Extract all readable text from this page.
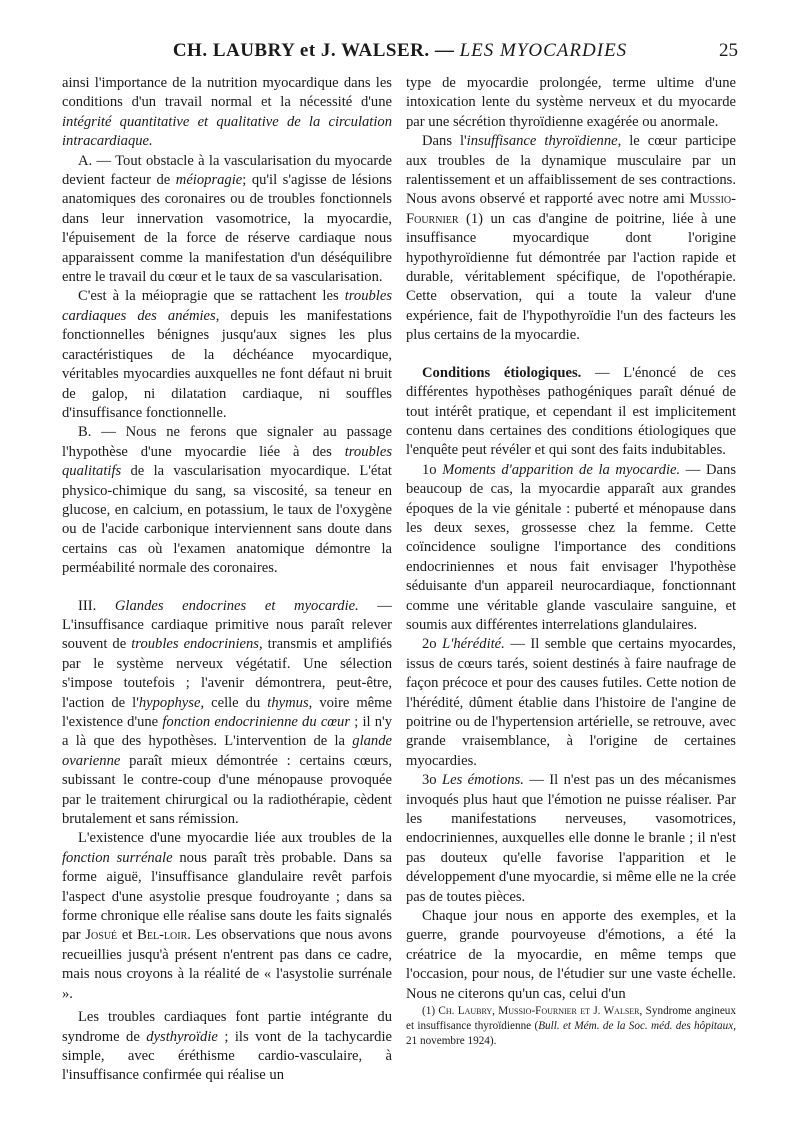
CH. LAUBRY et J. WALSER. — LES MYOCARDIES	25

ainsi l'importance de la nutrition myocardique dans les conditions d'un travail normal et la nécessité d'une intégrité quantitative et qualitative de la circulation intracardiaque.

A. — Tout obstacle à la vascularisation du myocarde devient facteur de méiopragie; qu'il s'agisse de lésions anatomiques des coronaires ou de troubles fonctionnels dans leur innervation vasomotrice, la myocardie, l'épuisement de la force de réserve cardiaque nous apparaissent comme la manifestation d'un déséquilibre entre le travail du cœur et le taux de sa vascularisation.

C'est à la méiopragie que se rattachent les troubles cardiaques des anémies, depuis les manifestations fonctionnelles bénignes jusqu'aux signes les plus caractéristiques de la déchéance myocardique, véritables myocardies auxquelles ne font défaut ni bruit de galop, ni dilatation cardiaque, ni souffles d'insuffisance fonctionnelle.

B. — Nous ne ferons que signaler au passage l'hypothèse d'une myocardie liée à des troubles qualitatifs de la vascularisation myocardique. L'état physico-chimique du sang, sa viscosité, sa teneur en glucose, en calcium, en potassium, le taux de l'oxygène ou de l'acide carbonique interviennent sans doute dans certains cas où l'examen anatomique démontre la perméabilité normale des coronaires.

III. Glandes endocrines et myocardie. — L'insuffisance cardiaque primitive nous paraît relever souvent de troubles endocriniens, transmis et amplifiés par le système nerveux végétatif. Une sélection s'impose toutefois ; l'avenir démontrera, peut-être, l'action de l'hypophyse, celle du thymus, voire même l'existence d'une fonction endocrinienne du cœur ; il n'y a là que des hypothèses. L'intervention de la glande ovarienne paraît mieux démontrée : certains cœurs, subissant le contre-coup d'une ménopause provoquée par le traitement chirurgical ou la radiothérapie, cèdent brutalement et sans rémission.

L'existence d'une myocardie liée aux troubles de la fonction surrénale nous paraît très probable. Dans sa forme aiguë, l'insuffisance glandulaire revêt parfois l'aspect d'une asystolie presque foudroyante ; dans sa forme chronique elle réalise sans doute les faits signalés par Josué et Bel-loir. Les observations que nous avons recueillies jusqu'à présent n'entrent pas dans ce cadre, mais nous croyons à la réalité de « l'asystolie surrénale ».

Les troubles cardiaques font partie intégrante du syndrome de dysthyroïdie ; ils vont de la tachycardie simple, avec éréthisme cardio-vasculaire, à l'insuffisance confirmée qui réalise un

type de myocardie prolongée, terme ultime d'une intoxication lente du système nerveux et du myocarde par une sécrétion thyroïdienne exagérée ou anormale.

Dans l'insuffisance thyroïdienne, le cœur participe aux troubles de la dynamique musculaire par un ralentissement et un affaiblissement de ses contractions. Nous avons observé et rapporté avec notre ami Mussio-Fournier (1) un cas d'angine de poitrine, liée à une insuffisance myocardique dont l'origine hypothyroïdienne fut démontrée par l'action rapide et durable, véritablement spécifique, de l'opothérapie. Cette observation, qui a toute la valeur d'une expérience, fait de l'hypothyroïdie l'un des facteurs les plus certains de la myocardie.

Conditions étiologiques. — L'énoncé de ces différentes hypothèses pathogéniques paraît dénué de tout intérêt pratique, et cependant il est implicitement contenu dans certaines des conditions étiologiques que l'enquête peut révéler et qui sont des faits indubitables.

1o Moments d'apparition de la myocardie. — Dans beaucoup de cas, la myocardie apparaît aux grandes époques de la vie génitale : puberté et ménopause dans les deux sexes, grossesse chez la femme. Cette coïncidence souligne l'importance des conditions endocriniennes et nous fait envisager l'hypothèse séduisante d'un appareil neurocardiaque, fonctionnant comme une véritable glande vasculaire sanguine, et soumis aux différentes interrelations glandulaires.

2o L'hérédité. — Il semble que certains myocardes, issus de cœurs tarés, soient destinés à faire naufrage de façon précoce et pour des causes futiles. Cette notion de l'hérédité, dûment établie dans l'histoire de l'angine de poitrine ou de l'hypertension artérielle, se retrouve, avec grande vraisemblance, à l'origine de certaines myocardies.

3o Les émotions. — Il n'est pas un des mécanismes invoqués plus haut que l'émotion ne puisse réaliser. Par les manifestations nerveuses, vasomotrices, endocriniennes, auxquelles elle donne le branle ; il n'est pas douteux qu'elle favorise l'apparition et le développement d'une myocardie, si même elle ne la crée pas de toutes pièces.

Chaque jour nous en apporte des exemples, et la guerre, grande pourvoyeuse d'émotions, a été la créatrice de la myocardie, en même temps que l'occasion, pour nous, de l'étudier sur une vaste échelle. Nous ne citerons qu'un cas, celui d'un

(1) Ch. Laubry, Mussio-Fournier et J. Walser, Syndrome angineux et insuffisance thyroïdienne (Bull. et Mém. de la Soc. méd. des hôpitaux, 21 novembre 1924).
